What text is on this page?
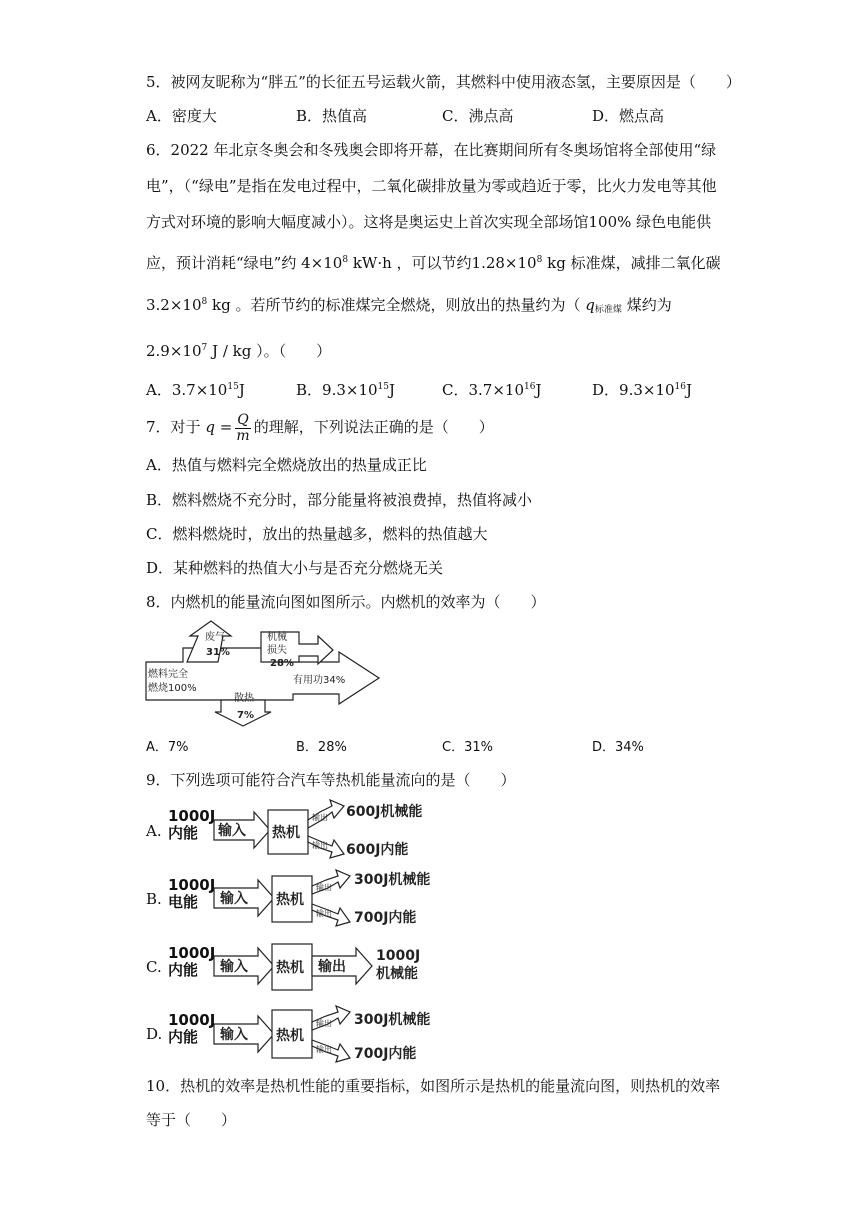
5．被网友昵称为“胖五”的长征五号运载火箭，其燃料中使用液态氢，主要原因是（　　）
A．密度大	B．热值高	C．沸点高	D．燃点高
6．2022 年北京冬奥会和冬残奥会即将开幕，在比赛期间所有冬奥场馆将全部使用“绿
电”，（“绿电”是指在发电过程中，二氧化碳排放量为零或趋近于零，比火力发电等其他
方式对环境的影响大幅度减小）。这将是奥运史上首次实现全部场馆100% 绿色电能供
应，预计消耗“绿电”约 $4\times 10^8$ kW·h ，可以节约$1.28\times 10^8$ kg 标准煤，减排二氧化碳
$3.2\times 10^8$ kg 。若所节约的标准煤完全燃烧，则放出的热量约为（ $q_{标准煤}$ 煤约为
$2.9\times 10^7$ J / kg ）。（　　）
A．$3.7\times 10^{15}J$	B．$9.3\times 10^{15}J$	C．$3.7\times 10^{16}J$	D．$9.3\times 10^{16}J$
7．对于 $q = \frac{Q}{m}$ 的理解，下列说法正确的是（　　）
A．热值与燃料完全燃烧放出的热量成正比
B．燃料燃烧不充分时，部分能量将被浪费掉，热值将减小
C．燃料燃烧时，放出的热量越多，燃料的热值越大
D．某种燃料的热值大小与是否充分燃烧无关
8．内燃机的能量流向图如图所示。内燃机的效率为（　　）
燃料完全
燃烧100%
废气
31%
机械
损失
28%
有用功34%
散热
7%
A．7%	B．28%	C．31%	D．34%
9．下列选项可能符合汽车等热机能量流向的是（　　）
A.
1000J
内能	输入 热机
输出
输出
600J机械能
600J内能
B.
1000J
电能	输入 热机
输出
输出
300J机械能
700J内能
C.
1000J
内能	输入 热机 输出
1000J
机械能
D.
1000J
内能	输入 热机
输出
输出
300J机械能
700J内能
10．热机的效率是热机性能的重要指标，如图所示是热机的能量流向图，则热机的效率
等于（　　）
